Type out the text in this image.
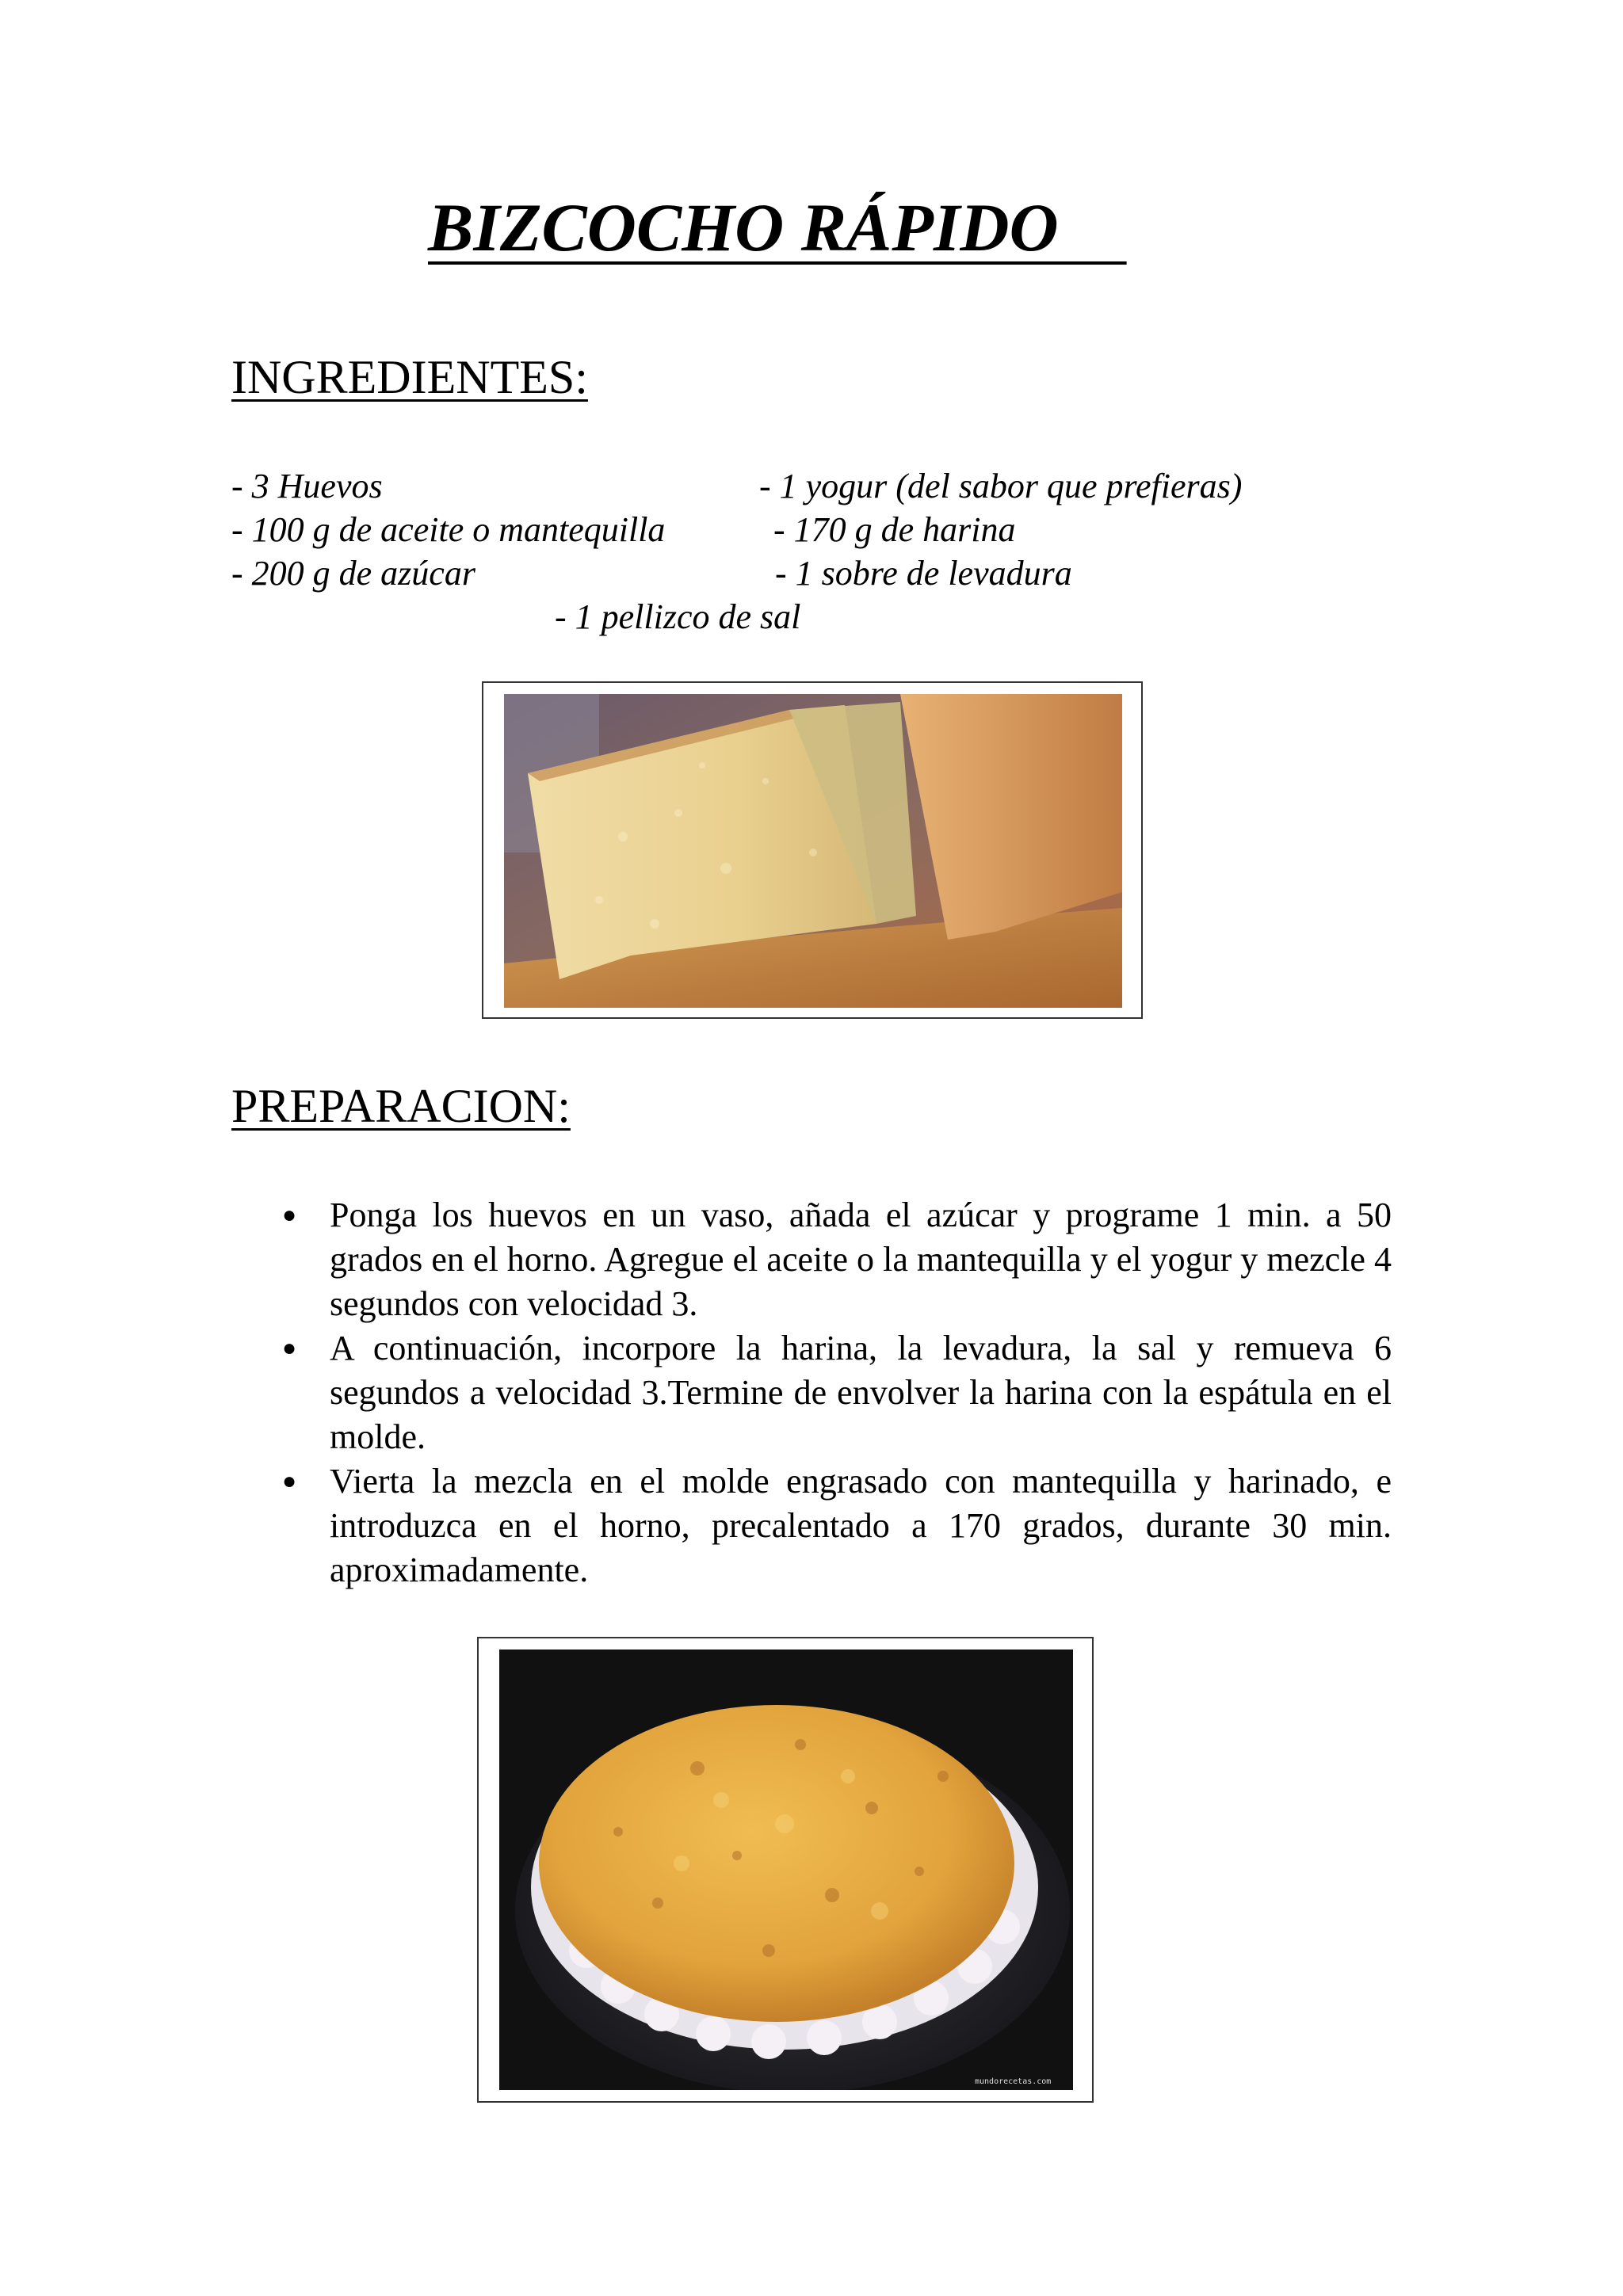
BIZCOCHO RÁPIDO
INGREDIENTES:
- 3 Huevos	- 1 yogur (del sabor que prefieras)
- 100 g de aceite o mantequilla	- 170 g de harina
- 200 g de azúcar	- 1 sobre de levadura
- 1 pellizco de sal
PREPARACION:
● Ponga los huevos en un vaso, añada el azúcar y programe 1 min. a 50 grados en el horno. Agregue el aceite o la mantequilla y el yogur y mezcle 4 segundos con velocidad 3.
● A continuación, incorpore la harina, la levadura, la sal y remueva 6 segundos a velocidad 3.Termine de envolver la harina con la espátula en el molde.
● Vierta la mezcla en el molde engrasado con mantequilla y harinado, e introduzca en el horno, precalentado a 170 grados, durante 30 min. aproximadamente.
mundorecetas.com
